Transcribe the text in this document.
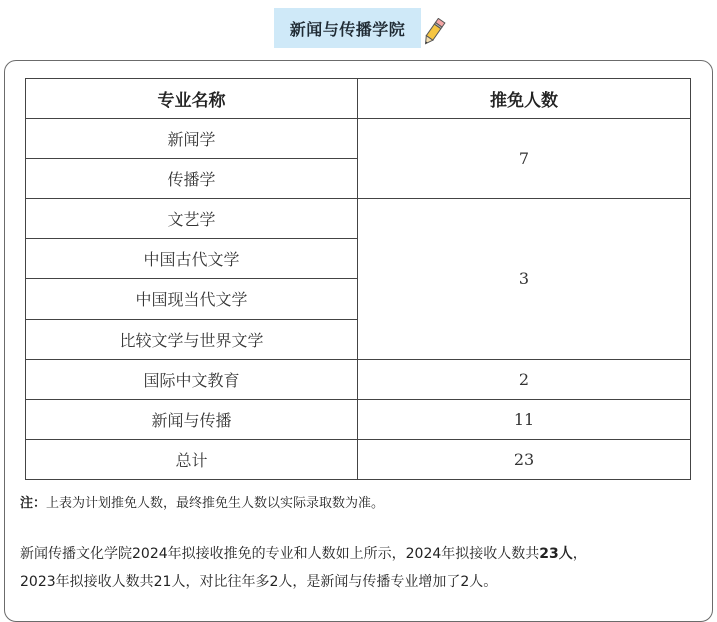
新闻与传播学院
专业名称	推免人数
新闻学	7
传播学	
文艺学	3
中国古代文学	
中国现当代文学	
比较文学与世界文学	
国际中文教育	2
新闻与传播	11
总计	23
注：上表为计划推免人数，最终推免生人数以实际录取数为准。
新闻传播文化学院2024年拟接收推免的专业和人数如上所示，2024年拟接收人数共23人，
2023年拟接收人数共21人，对比往年多2人，是新闻与传播专业增加了2人。
